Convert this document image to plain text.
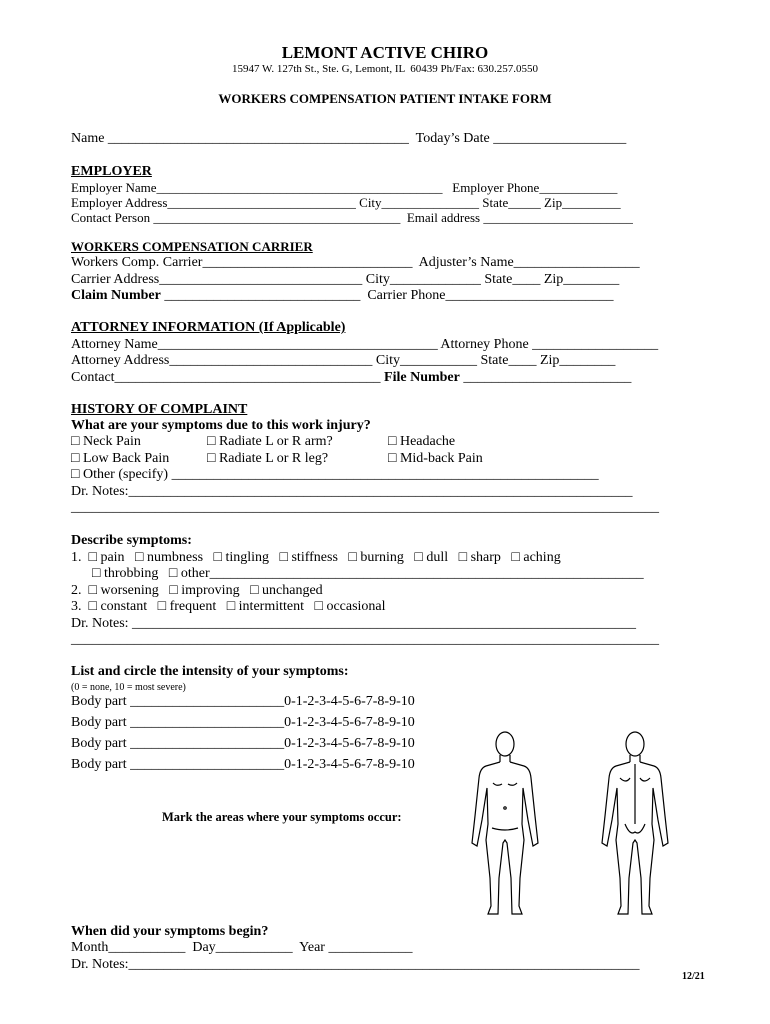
LEMONT ACTIVE CHIRO
15947 W. 127th St., Ste. G, Lemont, IL  60439 Ph/Fax: 630.257.0550
WORKERS COMPENSATION PATIENT INTAKE FORM
Name ___________________________________________  Today’s Date ___________________
EMPLOYER
Employer Name____________________________________________   Employer Phone____________
Employer Address_____________________________ City_______________ State_____ Zip_________
Contact Person ______________________________________  Email address _______________________
WORKERS COMPENSATION CARRIER
Workers Comp. Carrier______________________________  Adjuster’s Name__________________
Carrier Address_____________________________ City_____________ State____ Zip________
Claim Number ____________________________  Carrier Phone________________________
ATTORNEY INFORMATION (If Applicable)
Attorney Name________________________________________ Attorney Phone __________________
Attorney Address_____________________________ City___________ State____ Zip________
Contact______________________________________ File Number ________________________
HISTORY OF COMPLAINT
What are your symptoms due to this work injury?
□ Neck Pain
□ Low Back Pain
□ Radiate L or R arm?
□ Radiate L or R leg?
□ Headache
□ Mid-back Pain
□ Other (specify) _____________________________________________________________
Dr. Notes:________________________________________________________________________
____________________________________________________________________________________
Describe symptoms:
1.  □ pain   □ numbness   □ tingling   □ stiffness   □ burning   □ dull   □ sharp   □ aching
□ throbbing   □ other______________________________________________________________
2.  □ worsening   □ improving   □ unchanged
3.  □ constant   □ frequent   □ intermittent   □ occasional
Dr. Notes: ________________________________________________________________________
____________________________________________________________________________________
List and circle the intensity of your symptoms:
(0 = none, 10 = most severe)
Body part ______________________0-1-2-3-4-5-6-7-8-9-10
Body part ______________________0-1-2-3-4-5-6-7-8-9-10
Body part ______________________0-1-2-3-4-5-6-7-8-9-10
Body part ______________________0-1-2-3-4-5-6-7-8-9-10
Mark the areas where your symptoms occur:
When did your symptoms begin?
Month___________  Day___________  Year ____________
Dr. Notes:_________________________________________________________________________
12/21
